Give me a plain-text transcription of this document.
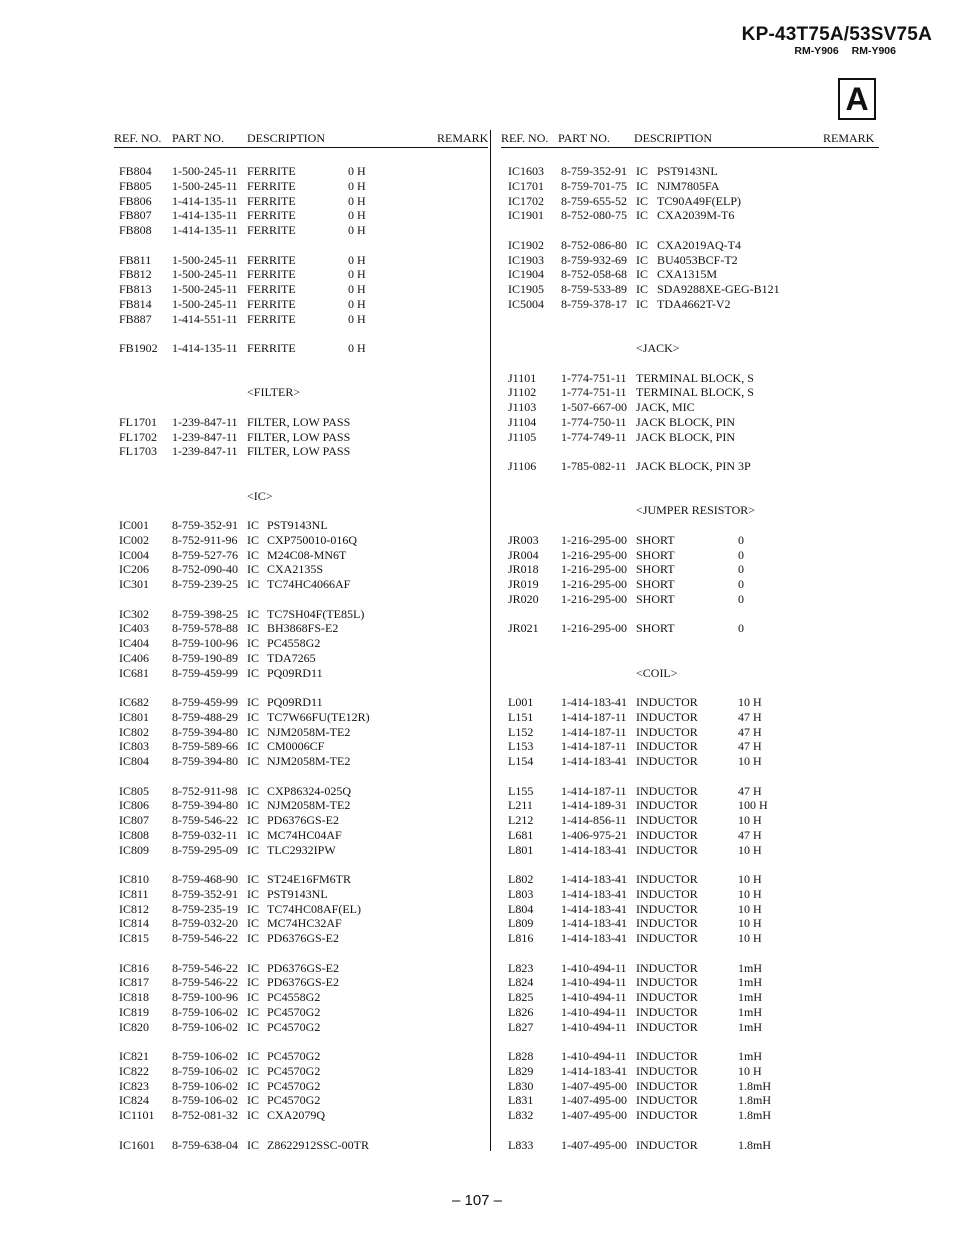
KP-43T75A/53SV75A
RM-Y906 RM-Y906
A
REF. NO. PART NO. DESCRIPTION	REMARK
FB804 1-500-245-11 FERRITE	0 H
FB805 1-500-245-11 FERRITE	0 H
FB806 1-414-135-11 FERRITE	0 H
FB807 1-414-135-11 FERRITE	0 H
FB808 1-414-135-11 FERRITE	0 H
FB811 1-500-245-11 FERRITE	0 H
FB812 1-500-245-11 FERRITE	0 H
FB813 1-500-245-11 FERRITE	0 H
FB814 1-500-245-11 FERRITE	0 H
FB887 1-414-551-11 FERRITE	0 H
FB1902 1-414-135-11 FERRITE	0 H
<FILTER>
FL1701 1-239-847-11 FILTER, LOW PASS
FL1702 1-239-847-11 FILTER, LOW PASS
FL1703 1-239-847-11 FILTER, LOW PASS
<IC>
IC001 8-759-352-91 IC PST9143NL
IC002 8-752-911-96 IC CXP750010-016Q
IC004 8-759-527-76 IC M24C08-MN6T
IC206 8-752-090-40 IC CXA2135S
IC301 8-759-239-25 IC TC74HC4066AF
IC302 8-759-398-25 IC TC7SH04F(TE85L)
IC403 8-759-578-88 IC BH3868FS-E2
IC404 8-759-100-96 IC PC4558G2
IC406 8-759-190-89 IC TDA7265
IC681 8-759-459-99 IC PQ09RD11
IC682 8-759-459-99 IC PQ09RD11
IC801 8-759-488-29 IC TC7W66FU(TE12R)
IC802 8-759-394-80 IC NJM2058M-TE2
IC803 8-759-589-66 IC CM0006CF
IC804 8-759-394-80 IC NJM2058M-TE2
IC805 8-752-911-98 IC CXP86324-025Q
IC806 8-759-394-80 IC NJM2058M-TE2
IC807 8-759-546-22 IC PD6376GS-E2
IC808 8-759-032-11 IC MC74HC04AF
IC809 8-759-295-09 IC TLC2932IPW
IC810 8-759-468-90 IC ST24E16FM6TR
IC811 8-759-352-91 IC PST9143NL
IC812 8-759-235-19 IC TC74HC08AF(EL)
IC814 8-759-032-20 IC MC74HC32AF
IC815 8-759-546-22 IC PD6376GS-E2
IC816 8-759-546-22 IC PD6376GS-E2
IC817 8-759-546-22 IC PD6376GS-E2
IC818 8-759-100-96 IC PC4558G2
IC819 8-759-106-02 IC PC4570G2
IC820 8-759-106-02 IC PC4570G2
IC821 8-759-106-02 IC PC4570G2
IC822 8-759-106-02 IC PC4570G2
IC823 8-759-106-02 IC PC4570G2
IC824 8-759-106-02 IC PC4570G2
IC1101 8-752-081-32 IC CXA2079Q
IC1601 8-759-638-04 IC Z8622912SSC-00TR
REF. NO. PART NO. DESCRIPTION	REMARK
IC1603 8-759-352-91 IC PST9143NL
IC1701 8-759-701-75 IC NJM7805FA
IC1702 8-759-655-52 IC TC90A49F(ELP)
IC1901 8-752-080-75 IC CXA2039M-T6
IC1902 8-752-086-80 IC CXA2019AQ-T4
IC1903 8-759-932-69 IC BU4053BCF-T2
IC1904 8-752-058-68 IC CXA1315M
IC1905 8-759-533-89 IC SDA9288XE-GEG-B121
IC5004 8-759-378-17 IC TDA4662T-V2
<JACK>
J1101 1-774-751-11 TERMINAL BLOCK, S
J1102 1-774-751-11 TERMINAL BLOCK, S
J1103 1-507-667-00 JACK, MIC
J1104 1-774-750-11 JACK BLOCK, PIN
J1105 1-774-749-11 JACK BLOCK, PIN
J1106 1-785-082-11 JACK BLOCK, PIN 3P
<JUMPER RESISTOR>
JR003 1-216-295-00 SHORT	0
JR004 1-216-295-00 SHORT	0
JR018 1-216-295-00 SHORT	0
JR019 1-216-295-00 SHORT	0
JR020 1-216-295-00 SHORT	0
JR021 1-216-295-00 SHORT	0
<COIL>
L001 1-414-183-41 INDUCTOR	10 H
L151 1-414-187-11 INDUCTOR	47 H
L152 1-414-187-11 INDUCTOR	47 H
L153 1-414-187-11 INDUCTOR	47 H
L154 1-414-183-41 INDUCTOR	10 H
L155 1-414-187-11 INDUCTOR	47 H
L211 1-414-189-31 INDUCTOR	100 H
L212 1-414-856-11 INDUCTOR	10 H
L681 1-406-975-21 INDUCTOR	47 H
L801 1-414-183-41 INDUCTOR	10 H
L802 1-414-183-41 INDUCTOR	10 H
L803 1-414-183-41 INDUCTOR	10 H
L804 1-414-183-41 INDUCTOR	10 H
L809 1-414-183-41 INDUCTOR	10 H
L816 1-414-183-41 INDUCTOR	10 H
L823 1-410-494-11 INDUCTOR	1mH
L824 1-410-494-11 INDUCTOR	1mH
L825 1-410-494-11 INDUCTOR	1mH
L826 1-410-494-11 INDUCTOR	1mH
L827 1-410-494-11 INDUCTOR	1mH
L828 1-410-494-11 INDUCTOR	1mH
L829 1-414-183-41 INDUCTOR	10 H
L830 1-407-495-00 INDUCTOR	1.8mH
L831 1-407-495-00 INDUCTOR	1.8mH
L832 1-407-495-00 INDUCTOR	1.8mH
L833 1-407-495-00 INDUCTOR	1.8mH
– 107 –
